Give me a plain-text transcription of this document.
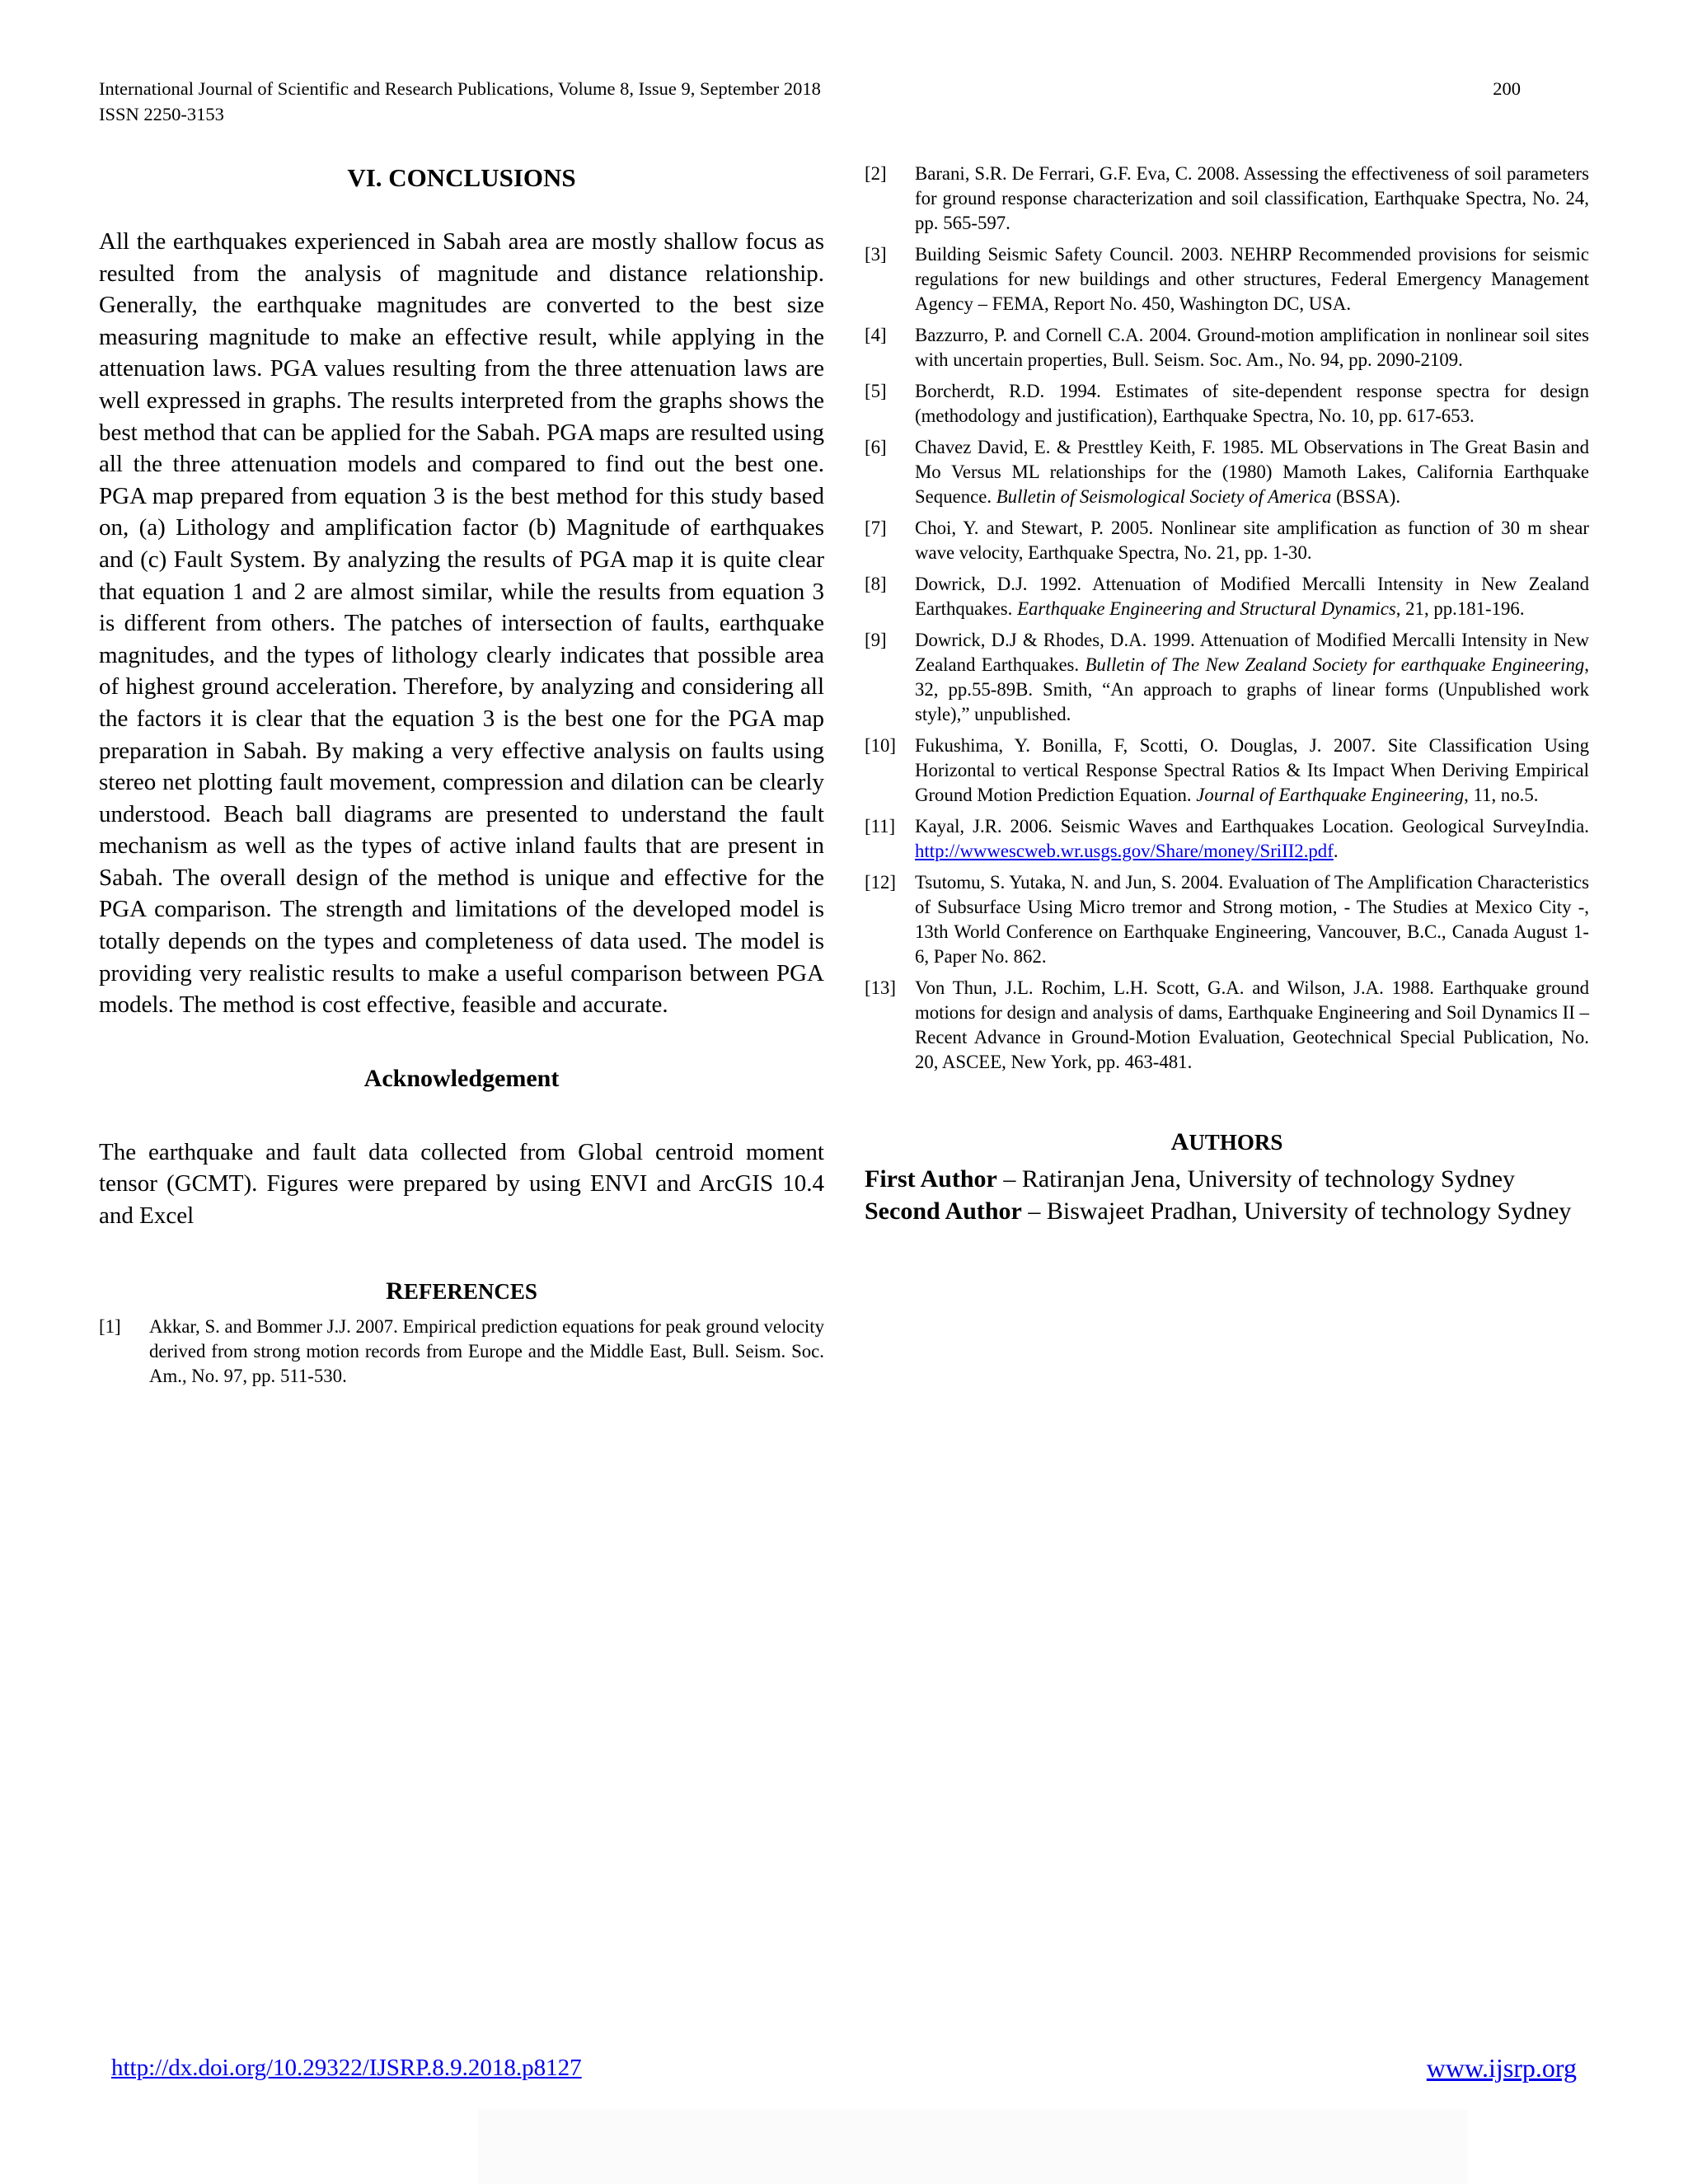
International Journal of Scientific and Research Publications, Volume 8, Issue 9, September 2018
ISSN 2250-3153
200
VI. CONCLUSIONS

All the earthquakes experienced in Sabah area are mostly shallow focus as resulted from the analysis of magnitude and distance relationship. Generally, the earthquake magnitudes are converted to the best size measuring magnitude to make an effective result, while applying in the attenuation laws. PGA values resulting from the three attenuation laws are well expressed in graphs. The results interpreted from the graphs shows the best method that can be applied for the Sabah. PGA maps are resulted using all the three attenuation models and compared to find out the best one. PGA map prepared from equation 3 is the best method for this study based on, (a) Lithology and amplification factor (b) Magnitude of earthquakes and (c) Fault System. By analyzing the results of PGA map it is quite clear that equation 1 and 2 are almost similar, while the results from equation 3 is different from others. The patches of intersection of faults, earthquake magnitudes, and the types of lithology clearly indicates that possible area of highest ground acceleration. Therefore, by analyzing and considering all the factors it is clear that the equation 3 is the best one for the PGA map preparation in Sabah. By making a very effective analysis on faults using stereo net plotting fault movement, compression and dilation can be clearly understood. Beach ball diagrams are presented to understand the fault mechanism as well as the types of active inland faults that are present in Sabah. The overall design of the method is unique and effective for the PGA comparison. The strength and limitations of the developed model is totally depends on the types and completeness of data used. The model is providing very realistic results to make a useful comparison between PGA models. The method is cost effective, feasible and accurate.

Acknowledgement

The earthquake and fault data collected from Global centroid moment tensor (GCMT). Figures were prepared by using ENVI and ArcGIS 10.4 and Excel

REFERENCES
[1] Akkar, S. and Bommer J.J. 2007. Empirical prediction equations for peak ground velocity derived from strong motion records from Europe and the Middle East, Bull. Seism. Soc. Am., No. 97, pp. 511-530.
[2] Barani, S.R. De Ferrari, G.F. Eva, C. 2008. Assessing the effectiveness of soil parameters for ground response characterization and soil classification, Earthquake Spectra, No. 24, pp. 565-597.
[3] Building Seismic Safety Council. 2003. NEHRP Recommended provisions for seismic regulations for new buildings and other structures, Federal Emergency Management Agency – FEMA, Report No. 450, Washington DC, USA.
[4] Bazzurro, P. and Cornell C.A. 2004. Ground-motion amplification in nonlinear soil sites with uncertain properties, Bull. Seism. Soc. Am., No. 94, pp. 2090-2109.
[5] Borcherdt, R.D. 1994. Estimates of site-dependent response spectra for design (methodology and justification), Earthquake Spectra, No. 10, pp. 617-653.
[6] Chavez David, E. & Presttley Keith, F. 1985. ML Observations in The Great Basin and Mo Versus ML relationships for the (1980) Mamoth Lakes, California Earthquake Sequence. Bulletin of Seismological Society of America (BSSA).
[7] Choi, Y. and Stewart, P. 2005. Nonlinear site amplification as function of 30 m shear wave velocity, Earthquake Spectra, No. 21, pp. 1-30.
[8] Dowrick, D.J. 1992. Attenuation of Modified Mercalli Intensity in New Zealand Earthquakes. Earthquake Engineering and Structural Dynamics, 21, pp.181-196.
[9] Dowrick, D.J & Rhodes, D.A. 1999. Attenuation of Modified Mercalli Intensity in New Zealand Earthquakes. Bulletin of The New Zealand Society for earthquake Engineering, 32, pp.55-89B. Smith, “An approach to graphs of linear forms (Unpublished work style),” unpublished.
[10] Fukushima, Y. Bonilla, F, Scotti, O. Douglas, J. 2007. Site Classification Using Horizontal to vertical Response Spectral Ratios & Its Impact When Deriving Empirical Ground Motion Prediction Equation. Journal of Earthquake Engineering, 11, no.5.
[11] Kayal, J.R. 2006. Seismic Waves and Earthquakes Location. Geological SurveyIndia. http://wwwescweb.wr.usgs.gov/Share/money/SriII2.pdf.
[12] Tsutomu, S. Yutaka, N. and Jun, S. 2004. Evaluation of The Amplification Characteristics of Subsurface Using Micro tremor and Strong motion, - The Studies at Mexico City -, 13th World Conference on Earthquake Engineering, Vancouver, B.C., Canada August 1-6, Paper No. 862.
[13] Von Thun, J.L. Rochim, L.H. Scott, G.A. and Wilson, J.A. 1988. Earthquake ground motions for design and analysis of dams, Earthquake Engineering and Soil Dynamics II – Recent Advance in Ground-Motion Evaluation, Geotechnical Special Publication, No. 20, ASCEE, New York, pp. 463-481.
AUTHORS
First Author – Ratiranjan Jena, University of technology Sydney
Second Author – Biswajeet Pradhan, University of technology Sydney
http://dx.doi.org/10.29322/IJSRP.8.9.2018.p8127	www.ijsrp.org
